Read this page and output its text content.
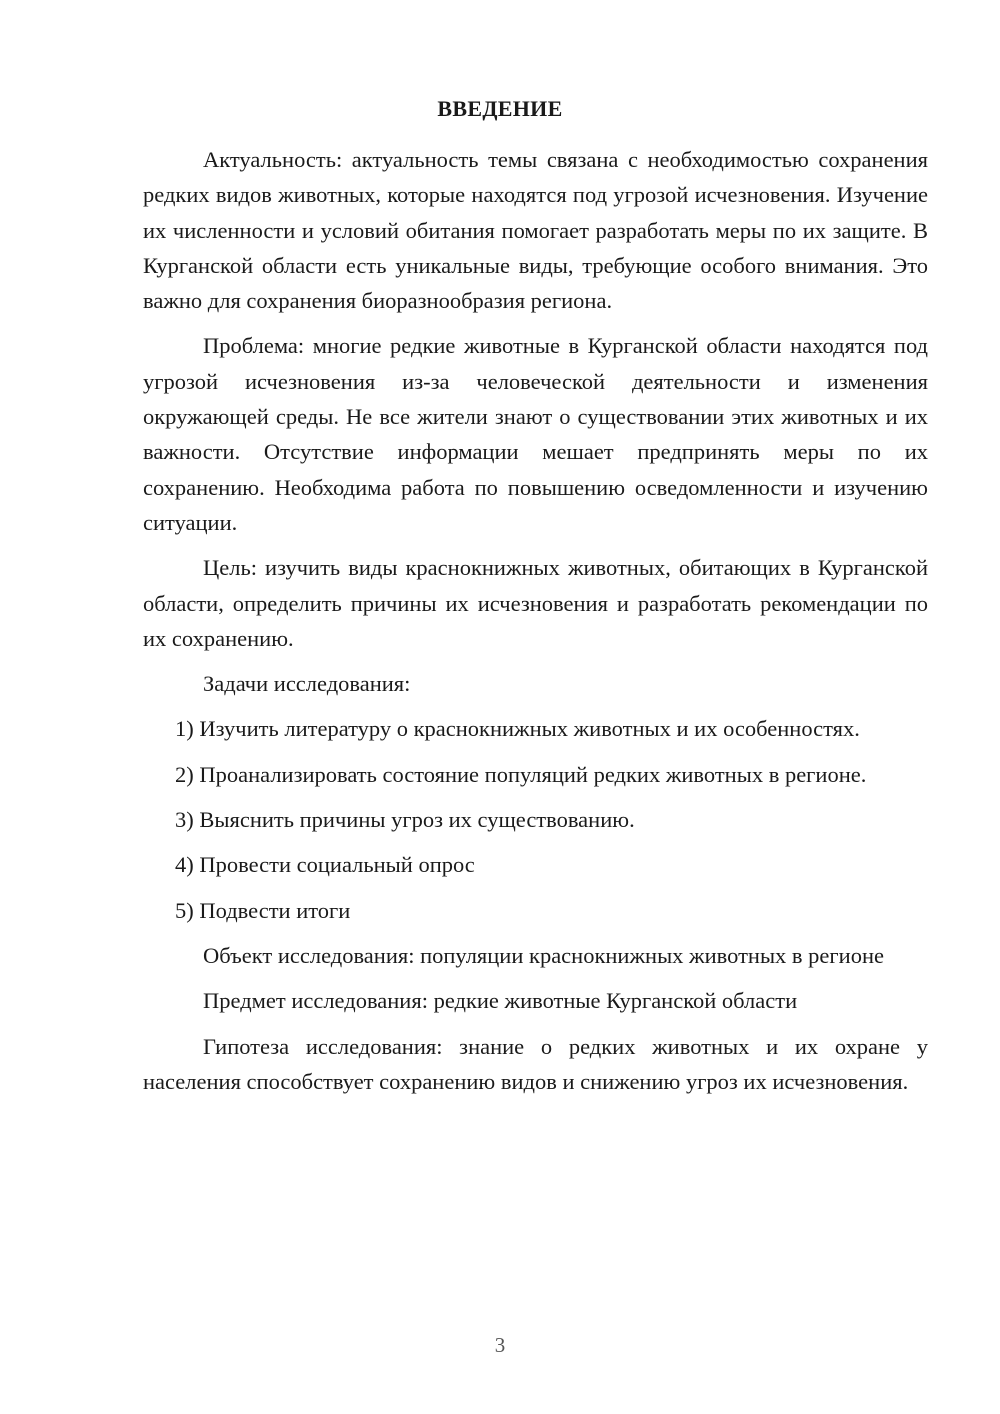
ВВЕДЕНИЕ

Актуальность: актуальность темы связана с необходимостью сохранения редких видов животных, которые находятся под угрозой исчезновения. Изучение их численности и условий обитания помогает разработать меры по их защите. В Курганской области есть уникальные виды, требующие особого внимания. Это важно для сохранения биоразнообразия региона.

Проблема: многие редкие животные в Курганской области находятся под угрозой исчезновения из-за человеческой деятельности и изменения окружающей среды. Не все жители знают о существовании этих животных и их важности. Отсутствие информации мешает предпринять меры по их сохранению. Необходима работа по повышению осведомленности и изучению ситуации.

Цель: изучить виды краснокнижных животных, обитающих в Курганской области, определить причины их исчезновения и разработать рекомендации по их сохранению.

Задачи исследования:

1) Изучить литературу о краснокнижных животных и их особенностях.

2) Проанализировать состояние популяций редких животных в регионе.

3) Выяснить причины угроз их существованию.

4) Провести социальный опрос

5) Подвести итоги

Объект исследования: популяции краснокнижных животных в регионе

Предмет исследования: редкие животные Курганской области

Гипотеза исследования: знание о редких животных и их охране у населения способствует сохранению видов и снижению угроз их исчезновения.

3
